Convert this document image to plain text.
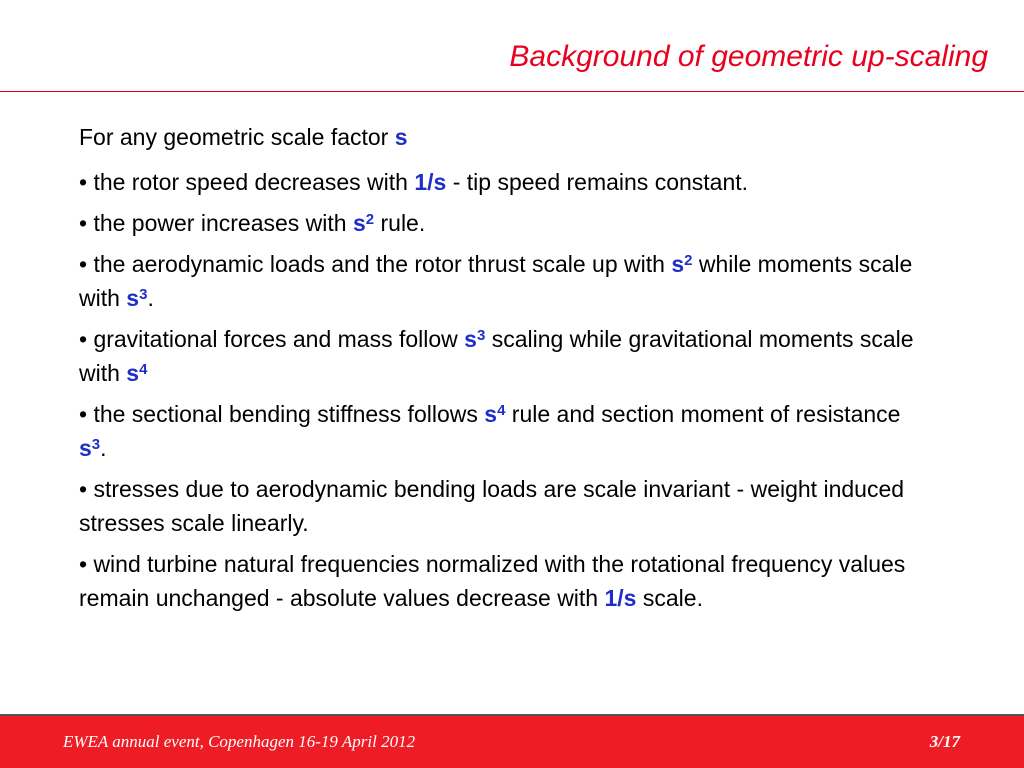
Background of geometric up-scaling

For any geometric scale factor s

• the rotor speed decreases with 1/s - tip speed remains constant.
• the power increases with $s^2$ rule.
• the aerodynamic loads and the rotor thrust scale up with $s^2$ while moments scale with $s^3$.
• gravitational forces and mass follow $s^3$ scaling while gravitational moments scale with $s^4$
• the sectional bending stiffness follows $s^4$ rule and section moment of resistance $s^3$.
• stresses due to aerodynamic bending loads are scale invariant - weight induced stresses scale linearly.
• wind turbine natural frequencies normalized with the rotational frequency values remain unchanged - absolute values decrease with 1/s scale.
EWEA annual event, Copenhagen 16-19 April 2012	3/17
